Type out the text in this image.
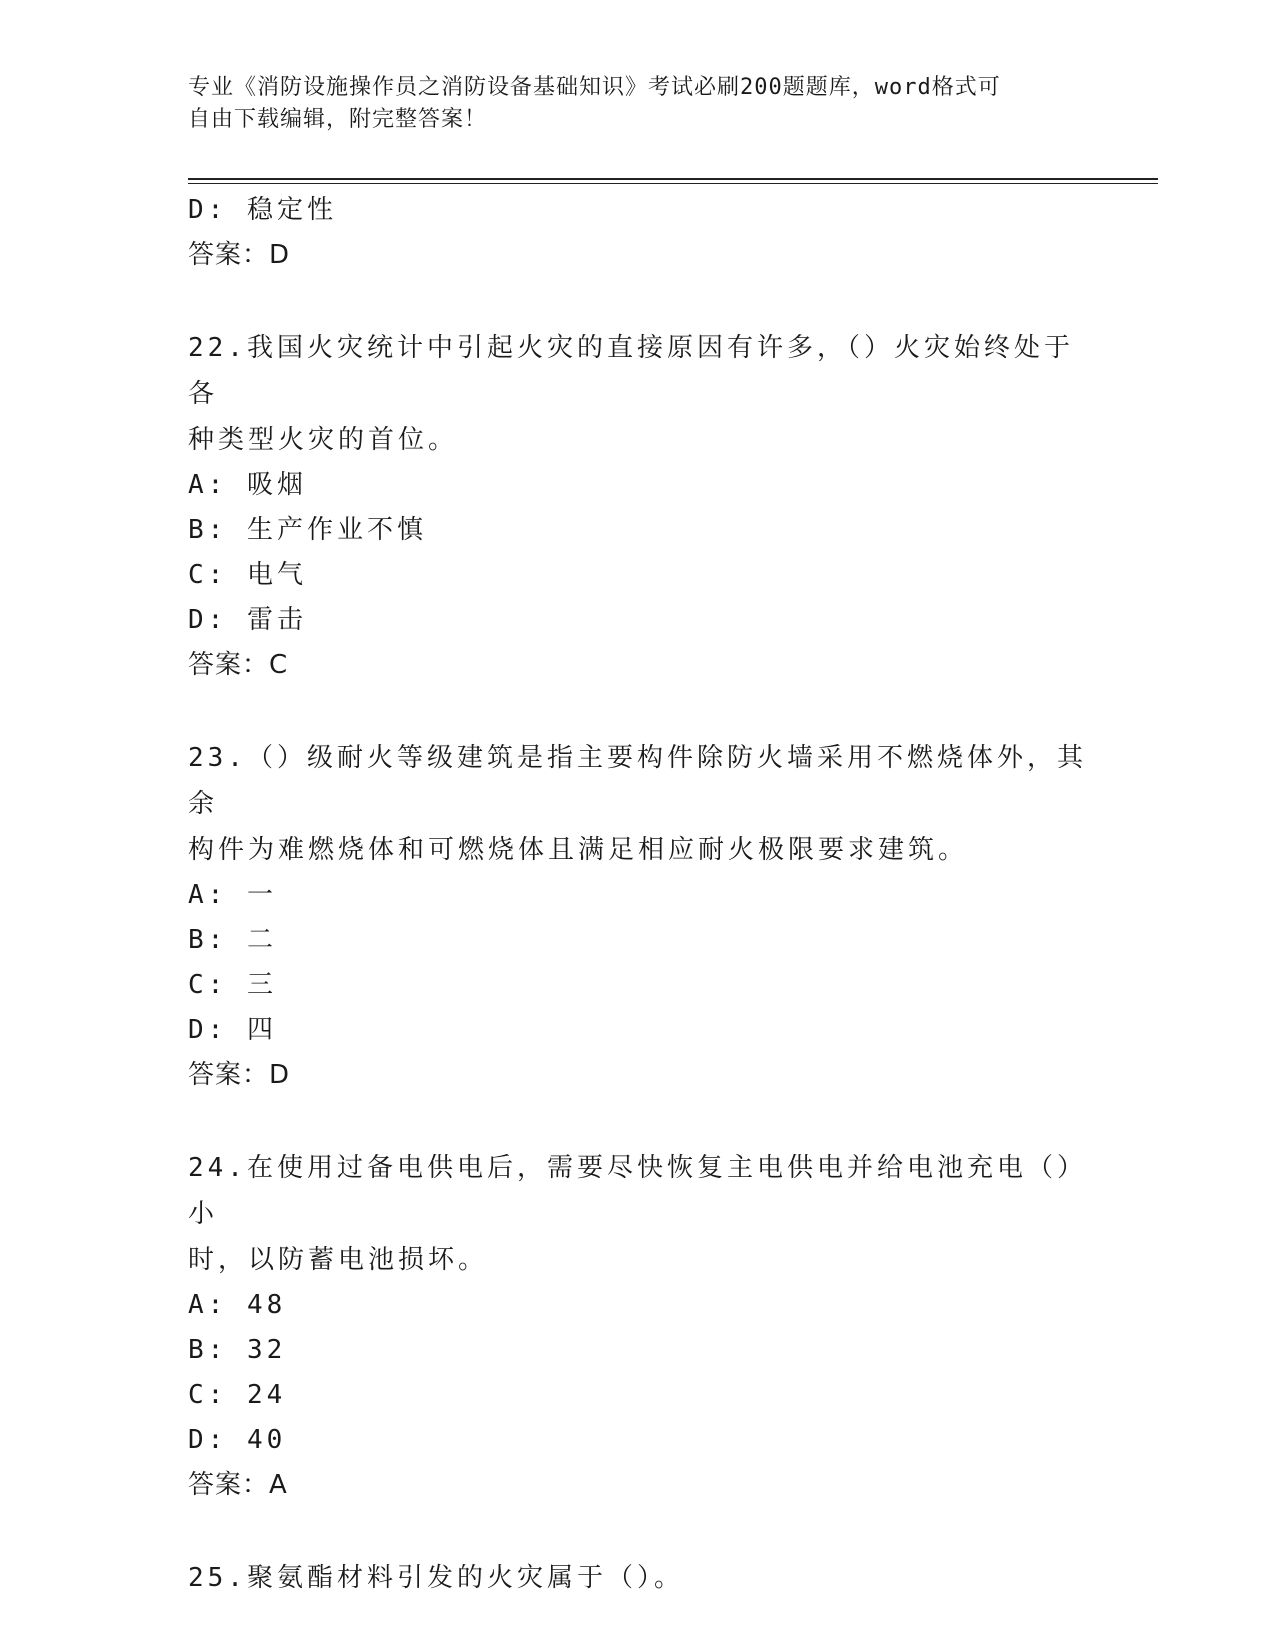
专业《消防设施操作员之消防设备基础知识》考试必刷200题题库，word格式可
自由下载编辑，附完整答案！
D: 稳定性
答案：D
22.我国火灾统计中引起火灾的直接原因有许多，（）火灾始终处于各
种类型火灾的首位。
A: 吸烟
B: 生产作业不慎
C: 电气
D: 雷击
答案：C
23.（）级耐火等级建筑是指主要构件除防火墙采用不燃烧体外，其余
构件为难燃烧体和可燃烧体且满足相应耐火极限要求建筑。
A: 一
B: 二
C: 三
D: 四
答案：D
24.在使用过备电供电后，需要尽快恢复主电供电并给电池充电（）小
时，以防蓄电池损坏。
A: 48
B: 32
C: 24
D: 40
答案：A
25.聚氨酯材料引发的火灾属于（）。
